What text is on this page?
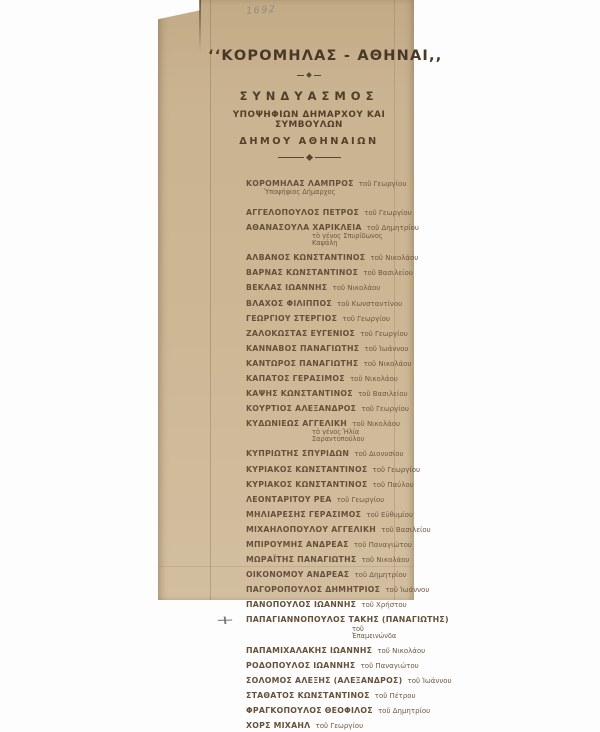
1692
‘‘ΚΟΡΟΜΗΛΑΣ - ΑΘΗΝΑΙ,,
ΣΥΝΔΥΑΣΜΟΣ
ΥΠΟΨΗΦΙΩΝ ΔΗΜΑΡΧΟΥ ΚΑΙ ΣΥΜΒΟΥΛΩΝ
ΔΗΜΟΥ ΑΘΗΝΑΙΩΝ
ΚΟΡΟΜΗΛΑΣ ΛΑΜΠΡΟΣ τοῦ Γεωργίου
Ὑποψήφιος Δήμαρχος
ΑΓΓΕΛΟΠΟΥΛΟΣ ΠΕΤΡΟΣ τοῦ Γεωργίου
ΑΘΑΝΑΣΟΥΛΑ ΧΑΡΙΚΛΕΙΑ τοῦ Δημητρίου
τὸ γένος Σπυρίδωνος Καψάλη
ΑΛΒΑΝΟΣ ΚΩΝΣΤΑΝΤΙΝΟΣ τοῦ Νικολάου
ΒΑΡΝΑΣ ΚΩΝΣΤΑΝΤΙΝΟΣ τοῦ Βασιλείου
ΒΕΚΛΑΣ ΙΩΑΝΝΗΣ τοῦ Νικολάου
ΒΛΑΧΟΣ ΦΙΛΙΠΠΟΣ τοῦ Κωνσταντίνου
ΓΕΩΡΓΙΟΥ ΣΤΕΡΓΙΟΣ τοῦ Γεωργίου
ΖΑΛΟΚΩΣΤΑΣ ΕΥΓΕΝΙΟΣ τοῦ Γεωργίου
ΚΑΝΝΑΒΟΣ ΠΑΝΑΓΙΩΤΗΣ τοῦ Ἰωάννου
ΚΑΝΤΩΡΟΣ ΠΑΝΑΓΙΩΤΗΣ τοῦ Νικολάου
ΚΑΠΑΤΟΣ ΓΕΡΑΣΙΜΟΣ τοῦ Νικολάου
ΚΑΨΗΣ ΚΩΝΣΤΑΝΤΙΝΟΣ τοῦ Βασιλείου
ΚΟΥΡΤΙΟΣ ΑΛΕΞΑΝΔΡΟΣ τοῦ Γεωργίου
ΚΥΔΩΝΙΕΩΣ ΑΓΓΕΛΙΚΗ τοῦ Νικολάου
τὸ γένος Ἠλία Σαραντοπούλου
ΚΥΠΡΙΩΤΗΣ ΣΠΥΡΙΔΩΝ τοῦ Διονυσίου
ΚΥΡΙΑΚΟΣ ΚΩΝΣΤΑΝΤΙΝΟΣ τοῦ Γεωργίου
ΚΥΡΙΑΚΟΣ ΚΩΝΣΤΑΝΤΙΝΟΣ τοῦ Παύλου
ΛΕΟΝΤΑΡΙΤΟΥ ΡΕΑ τοῦ Γεωργίου
ΜΗΛΙΑΡΕΣΗΣ ΓΕΡΑΣΙΜΟΣ τοῦ Εὐθυμίου
ΜΙΧΑΗΛΟΠΟΥΛΟΥ ΑΓΓΕΛΙΚΗ τοῦ Βασιλείου
ΜΠΙΡΟΥΜΗΣ ΑΝΔΡΕΑΣ τοῦ Παναγιώτου
ΜΩΡΑΪΤΗΣ ΠΑΝΑΓΙΩΤΗΣ τοῦ Νικολάου
ΟΙΚΟΝΟΜΟΥ ΑΝΔΡΕΑΣ τοῦ Δημητρίου
ΠΑΓΟΡΟΠΟΥΛΟΣ ΔΗΜΗΤΡΙΟΣ τοῦ Ἰωάννου
ΠΑΝΟΠΟΥΛΟΣ ΙΩΑΝΝΗΣ τοῦ Χρήστου
+ ΠΑΠΑΓΙΑΝΝΟΠΟΥΛΟΣ ΤΑΚΗΣ (ΠΑΝΑΓΙΩΤΗΣ)
τοῦ Ἐπαμεινώνδα
ΠΑΠΑΜΙΧΑΛΑΚΗΣ ΙΩΑΝΝΗΣ τοῦ Νικολάου
ΡΟΔΟΠΟΥΛΟΣ ΙΩΑΝΝΗΣ τοῦ Παναγιώτου
ΣΟΛΟΜΟΣ ΑΛΕΞΗΣ (ΑΛΕΞΑΝΔΡΟΣ) τοῦ Ἰωάννου
ΣΤΑΘΑΤΟΣ ΚΩΝΣΤΑΝΤΙΝΟΣ τοῦ Πέτρου
ΦΡΑΓΚΟΠΟΥΛΟΣ ΘΕΟΦΙΛΟΣ τοῦ Δημητρίου
ΧΟΡΣ ΜΙΧΑΗΛ τοῦ Γεωργίου
